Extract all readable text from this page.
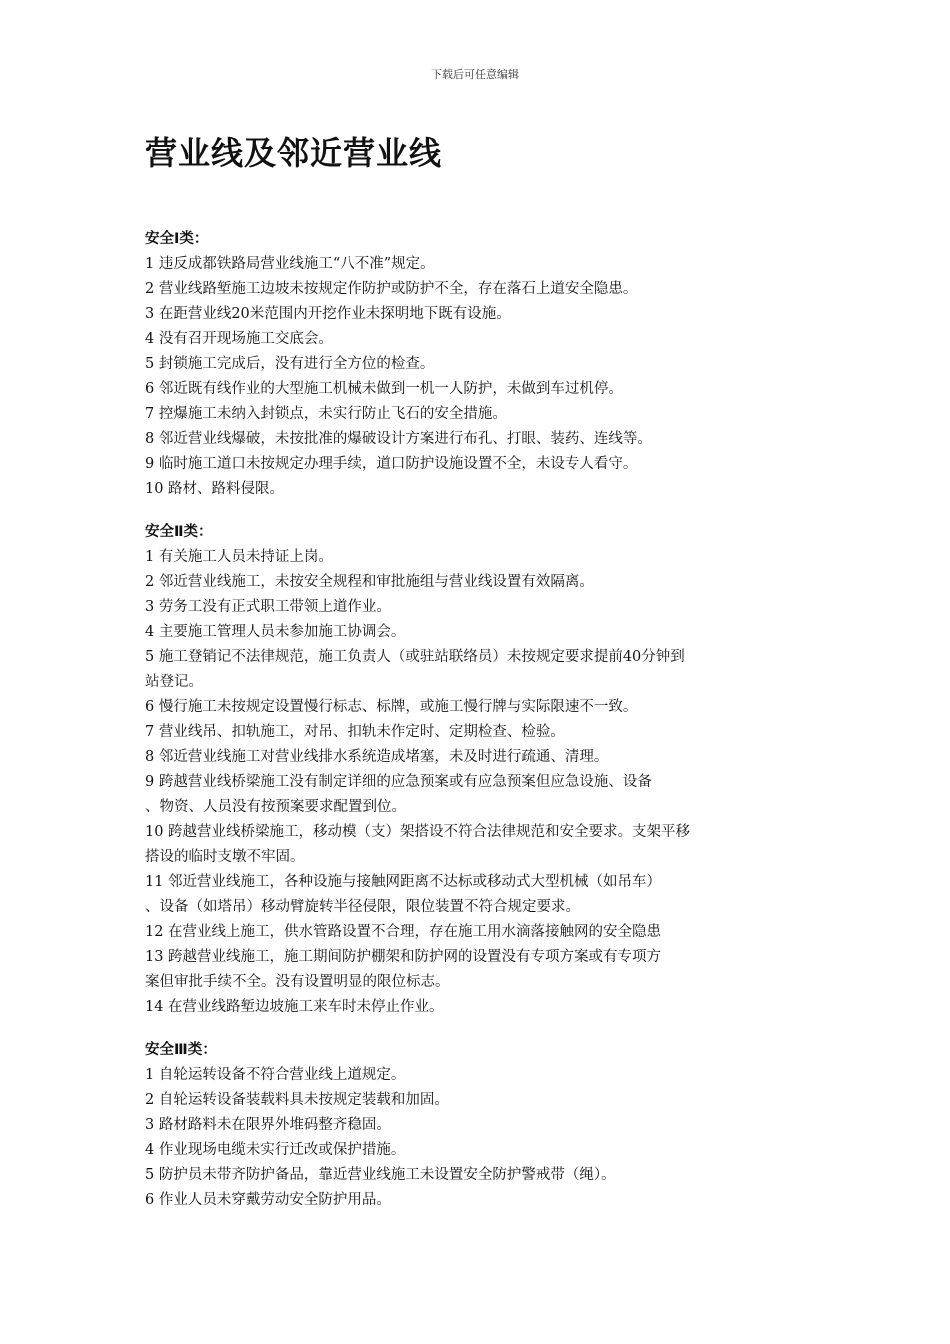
下载后可任意编辑
营业线及邻近营业线

安全Ⅰ类：

1 违反成都铁路局营业线施工“八不准”规定。

2 营业线路堑施工边坡未按规定作防护或防护不全，存在落石上道安全隐患。

3 在距营业线20米范围内开挖作业未探明地下既有设施。

4 没有召开现场施工交底会。

5 封锁施工完成后，没有进行全方位的检查。

6 邻近既有线作业的大型施工机械未做到一机一人防护，未做到车过机停。

7 控爆施工未纳入封锁点，未实行防止飞石的安全措施。

8 邻近营业线爆破，未按批准的爆破设计方案进行布孔、打眼、装药、连线等。

9 临时施工道口未按规定办理手续，道口防护设施设置不全，未设专人看守。

10 路材、路料侵限。

安全Ⅱ类：

1 有关施工人员未持证上岗。

2 邻近营业线施工，未按安全规程和审批施组与营业线设置有效隔离。

3 劳务工没有正式职工带领上道作业。

4 主要施工管理人员未参加施工协调会。

5 施工登销记不法律规范，施工负责人（或驻站联络员）未按规定要求提前40分钟到

站登记。

6 慢行施工未按规定设置慢行标志、标牌，或施工慢行牌与实际限速不一致。

7 营业线吊、扣轨施工，对吊、扣轨未作定时、定期检查、检验。

8 邻近营业线施工对营业线排水系统造成堵塞，未及时进行疏通、清理。

9 跨越营业线桥梁施工没有制定详细的应急预案或有应急预案但应急设施、设备

、物资、人员没有按预案要求配置到位。

10 跨越营业线桥梁施工，移动模（支）架搭设不符合法律规范和安全要求。支架平移

搭设的临时支墩不牢固。

11 邻近营业线施工，各种设施与接触网距离不达标或移动式大型机械（如吊车）

、设备（如塔吊）移动臂旋转半径侵限，限位装置不符合规定要求。

12 在营业线上施工，供水管路设置不合理，存在施工用水滴落接触网的安全隐患

13 跨越营业线施工，施工期间防护棚架和防护网的设置没有专项方案或有专项方

案但审批手续不全。没有设置明显的限位标志。

14 在营业线路堑边坡施工来车时未停止作业。

安全Ⅲ类：

1 自轮运转设备不符合营业线上道规定。

2 自轮运转设备装载料具未按规定装载和加固。

3 路材路料未在限界外堆码整齐稳固。

4 作业现场电缆未实行迁改或保护措施。

5 防护员未带齐防护备品，靠近营业线施工未设置安全防护警戒带（绳）。

6 作业人员未穿戴劳动安全防护用品。
